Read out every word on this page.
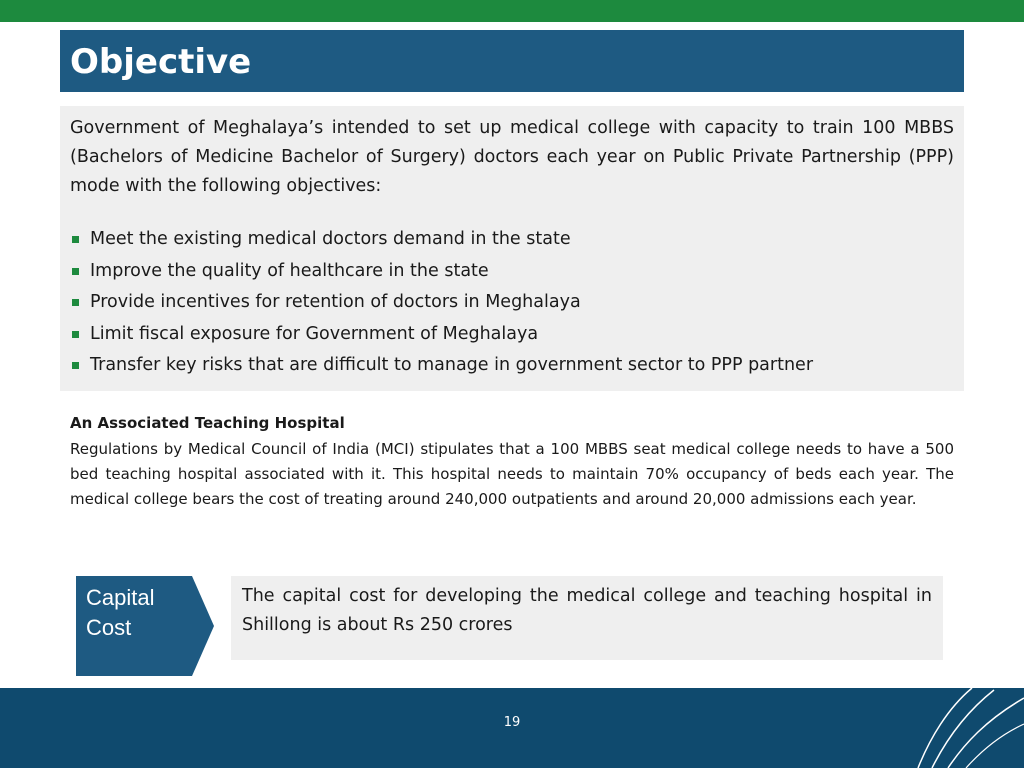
Objective

Government of Meghalaya’s intended to set up medical college with capacity to train 100 MBBS (Bachelors of Medicine Bachelor of Surgery) doctors each year on Public Private Partnership (PPP) mode with the following objectives:

Meet the existing medical doctors demand in the state
Improve the quality of healthcare in the state
Provide incentives for retention of doctors in Meghalaya
Limit fiscal exposure for Government of Meghalaya
Transfer key risks that are difficult to manage in government sector to PPP partner
An Associated Teaching Hospital

Regulations by Medical Council of India (MCI) stipulates that a 100 MBBS seat medical college needs to have a 500 bed teaching hospital associated with it. This hospital needs to maintain 70% occupancy of beds each year. The medical college bears the cost of treating around 240,000 outpatients and around 20,000 admissions each year.

Capital Cost

The capital cost for developing the medical college and teaching hospital in Shillong is about Rs 250 crores

19
